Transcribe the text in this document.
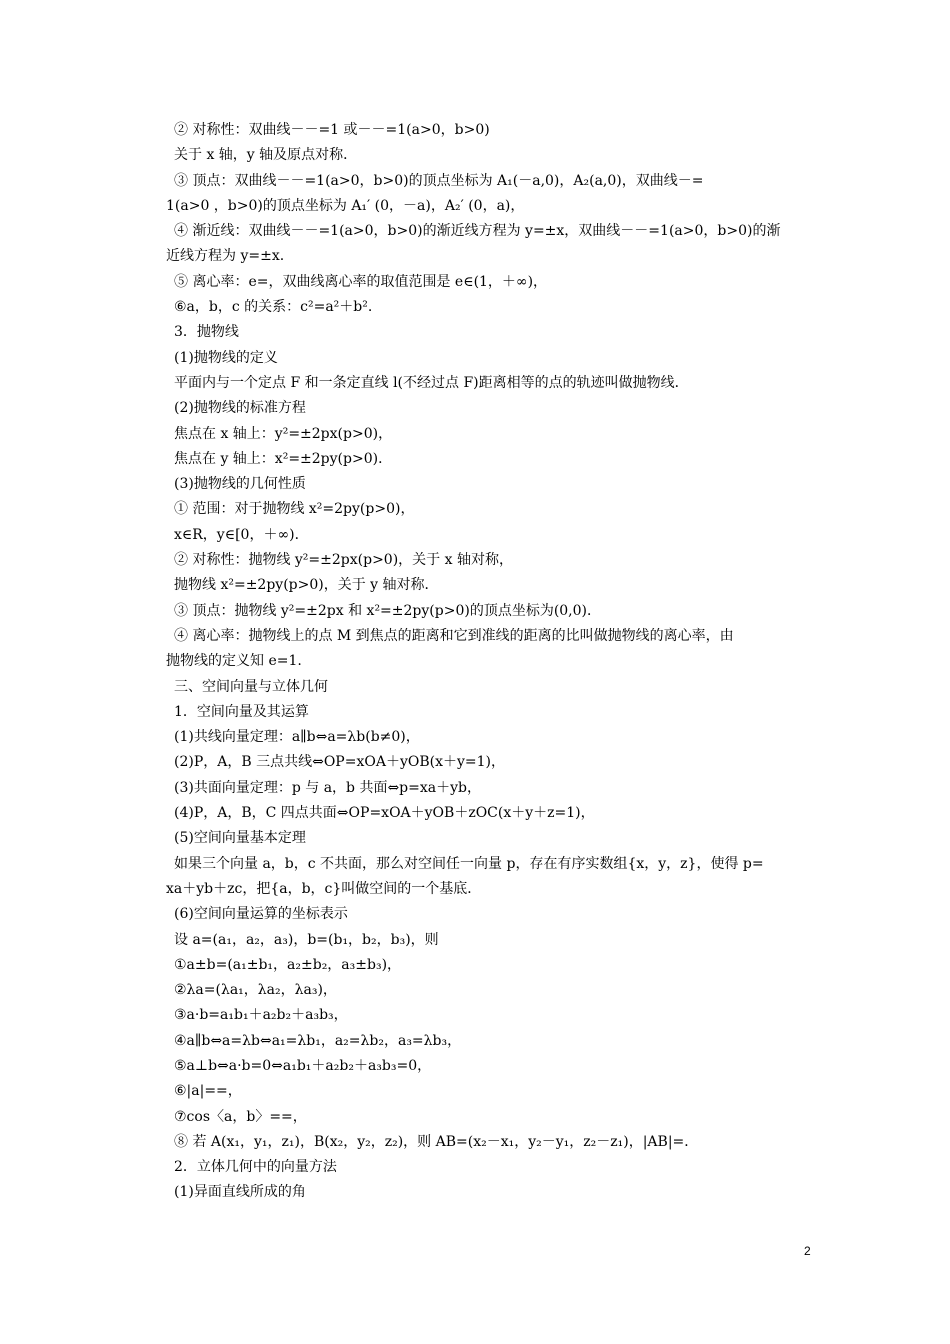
② 对称性：双曲线－－=1 或－－=1(a>0，b>0)
关于 x 轴，y 轴及原点对称．
③ 顶点：双曲线－－=1(a>0，b>0)的顶点坐标为 A₁(－a,0)，A₂(a,0)，双曲线－=
1(a>0 ，b>0)的顶点坐标为 A₁′ (0，－a)，A₂′ (0，a)，
④ 渐近线：双曲线－－=1(a>0，b>0)的渐近线方程为 y=±x，双曲线－－=1(a>0，b>0)的渐
近线方程为 y=±x.
⑤ 离心率：e=，双曲线离心率的取值范围是 e∈(1，＋∞)，
⑥a，b，c 的关系：c²=a²＋b².
3．抛物线
(1)抛物线的定义
平面内与一个定点 F 和一条定直线 l(不经过点 F)距离相等的点的轨迹叫做抛物线．
(2)抛物线的标准方程
焦点在 x 轴上：y²=±2px(p>0)，
焦点在 y 轴上：x²=±2py(p>0)．
(3)抛物线的几何性质
① 范围：对于抛物线 x²=2py(p>0)，
x∈R，y∈[0，＋∞)．
② 对称性：抛物线 y²=±2px(p>0)，关于 x 轴对称，
抛物线 x²=±2py(p>0)，关于 y 轴对称．
③ 顶点：抛物线 y²=±2px 和 x²=±2py(p>0)的顶点坐标为(0,0)．
④ 离心率：抛物线上的点 M 到焦点的距离和它到准线的距离的比叫做抛物线的离心率，由
抛物线的定义知 e=1.
三、空间向量与立体几何
1．空间向量及其运算
(1)共线向量定理：a∥b⇔a=λb(b≠0)，
(2)P，A，B 三点共线⇔OP=xOA＋yOB(x＋y=1)，
(3)共面向量定理：p 与 a，b 共面⇔p=xa＋yb，
(4)P，A，B，C 四点共面⇔OP=xOA＋yOB＋zOC(x＋y＋z=1)，
(5)空间向量基本定理
如果三个向量 a，b，c 不共面，那么对空间任一向量 p，存在有序实数组{x，y，z}，使得 p=
xa＋yb＋zc，把{a，b，c}叫做空间的一个基底．
(6)空间向量运算的坐标表示
设 a=(a₁，a₂，a₃)，b=(b₁，b₂，b₃)，则
①a±b=(a₁±b₁，a₂±b₂，a₃±b₃)，
②λa=(λa₁，λa₂，λa₃)，
③a·b=a₁b₁＋a₂b₂＋a₃b₃，
④a∥b⇔a=λb⇔a₁=λb₁，a₂=λb₂，a₃=λb₃，
⑤a⊥b⇔a·b=0⇔a₁b₁＋a₂b₂＋a₃b₃=0，
⑥|a|==，
⑦cos〈a，b〉==，
⑧ 若 A(x₁，y₁，z₁)，B(x₂，y₂，z₂)，则 AB=(x₂－x₁，y₂－y₁，z₂－z₁)，|AB|=．
2．立体几何中的向量方法
(1)异面直线所成的角
2
